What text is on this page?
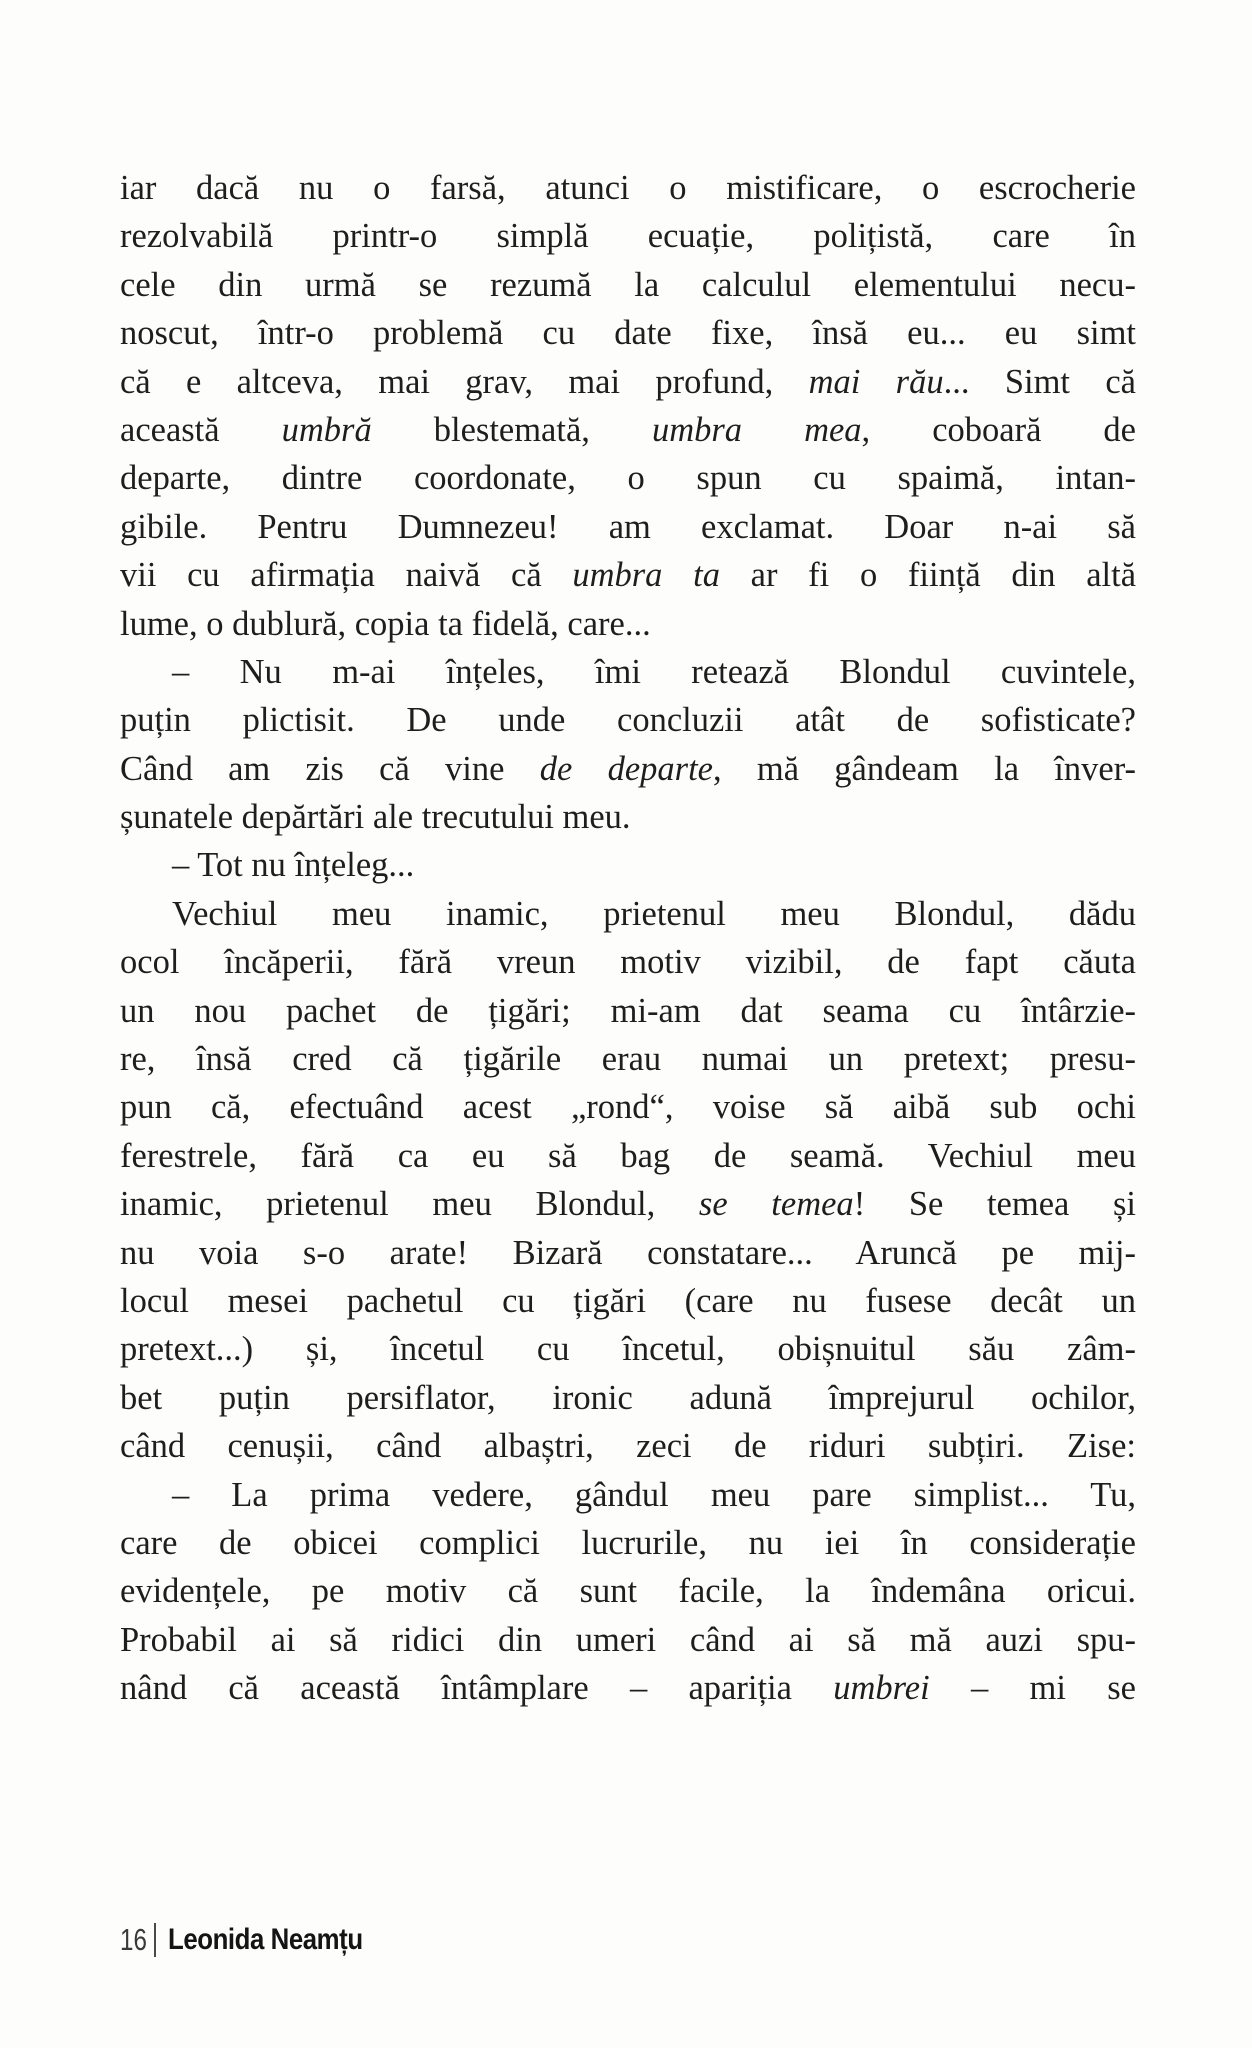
iar dacă nu o farsă, atunci o mistificare, o escrocherie
rezolvabilă printr-o simplă ecuație, polițistă, care în
cele din urmă se rezumă la calculul elementului necu-
noscut, într-o problemă cu date fixe, însă eu... eu simt
că e altceva, mai grav, mai profund, mai rău... Simt că
această umbră blestemată, umbra mea, coboară de
departe, dintre coordonate, o spun cu spaimă, intan-
gibile. Pentru Dumnezeu! am exclamat. Doar n-ai să
vii cu afirmația naivă că umbra ta ar fi o ființă din altă
lume, o dublură, copia ta fidelă, care...
– Nu m-ai înțeles, îmi retează Blondul cuvintele,
puțin plictisit. De unde concluzii atât de sofisticate?
Când am zis că vine de departe, mă gândeam la înver-
șunatele depărtări ale trecutului meu.
– Tot nu înțeleg...
Vechiul meu inamic, prietenul meu Blondul, dădu
ocol încăperii, fără vreun motiv vizibil, de fapt căuta
un nou pachet de țigări; mi-am dat seama cu întârzie-
re, însă cred că țigările erau numai un pretext; presu-
pun că, efectuând acest „rond“, voise să aibă sub ochi
ferestrele, fără ca eu să bag de seamă. Vechiul meu
inamic, prietenul meu Blondul, se temea! Se temea și
nu voia s-o arate! Bizară constatare... Aruncă pe mij-
locul mesei pachetul cu țigări (care nu fusese decât un
pretext...) și, încetul cu încetul, obișnuitul său zâm-
bet puțin persiflator, ironic adună împrejurul ochilor,
când cenușii, când albaștri, zeci de riduri subțiri. Zise:
– La prima vedere, gândul meu pare simplist... Tu,
care de obicei complici lucrurile, nu iei în considerație
evidențele, pe motiv că sunt facile, la îndemâna oricui.
Probabil ai să ridici din umeri când ai să mă auzi spu-
nând că această întâmplare – apariția umbrei – mi se
16 Leonida Neamțu
